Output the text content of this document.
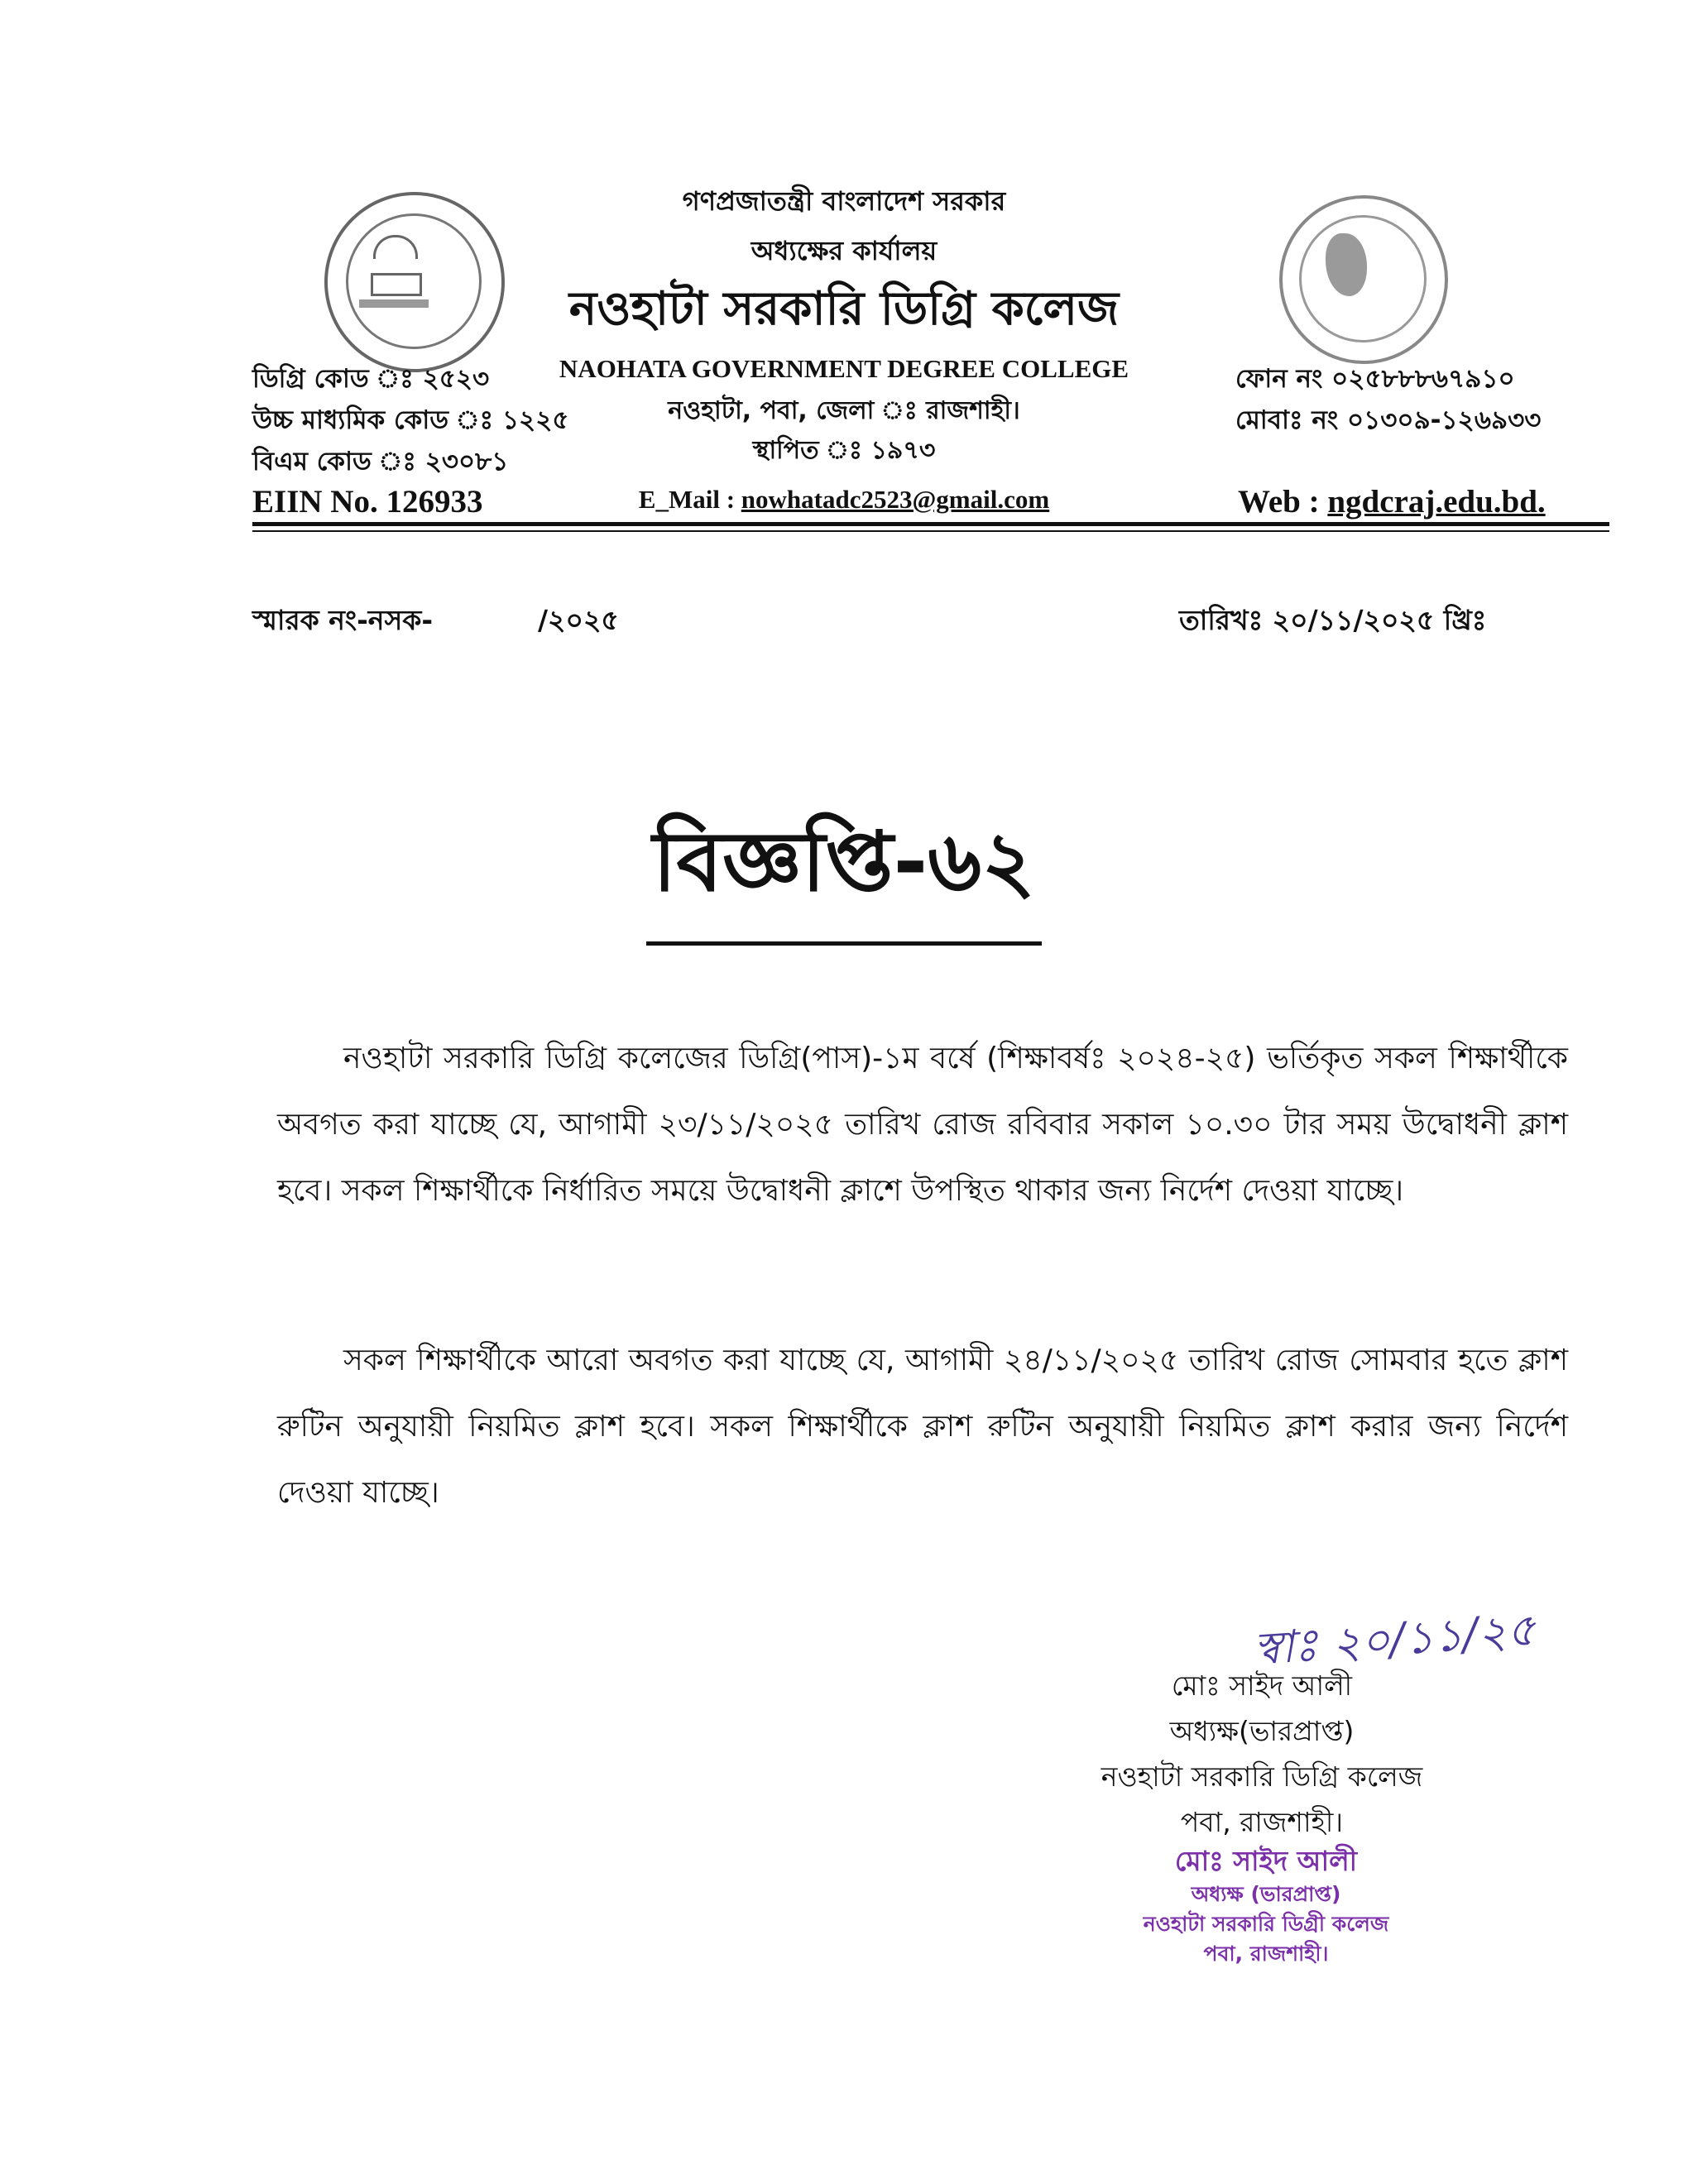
গণপ্রজাতন্ত্রী বাংলাদেশ সরকার
অধ্যক্ষের কার্যালয়
নওহাটা সরকারি ডিগ্রি কলেজ
NAOHATA GOVERNMENT DEGREE COLLEGE
নওহাটা, পবা, জেলা ঃ রাজশাহী।
স্থাপিত ঃ ১৯৭৩
E_Mail : nowhatadc2523@gmail.com
ডিগ্রি কোড ঃ ২৫২৩
উচ্চ মাধ্যমিক কোড ঃ ১২২৫
বিএম কোড ঃ ২৩০৮১
EIIN No. 126933
ফোন নং ০২৫৮৮৮৬৭৯১০
মোবাঃ নং ০১৩০৯-১২৬৯৩৩
Web : ngdcraj.edu.bd.
স্মারক নং-নসক-	/২০২৫	তারিখঃ ২০/১১/২০২৫ খ্রিঃ
বিজ্ঞপ্তি-৬২
নওহাটা সরকারি ডিগ্রি কলেজের ডিগ্রি(পাস)-১ম বর্ষে (শিক্ষাবর্ষঃ ২০২৪-২৫) ভর্তিকৃত সকল শিক্ষার্থীকে অবগত করা যাচ্ছে যে, আগামী ২৩/১১/২০২৫ তারিখ রোজ রবিবার সকাল ১০.৩০ টার সময় উদ্বোধনী ক্লাশ হবে। সকল শিক্ষার্থীকে নির্ধারিত সময়ে উদ্বোধনী ক্লাশে উপস্থিত থাকার জন্য নির্দেশ দেওয়া যাচ্ছে।
সকল শিক্ষার্থীকে আরো অবগত করা যাচ্ছে যে, আগামী ২৪/১১/২০২৫ তারিখ রোজ সোমবার হতে ক্লাশ রুটিন অনুযায়ী নিয়মিত ক্লাশ হবে। সকল শিক্ষার্থীকে ক্লাশ রুটিন অনুযায়ী নিয়মিত ক্লাশ করার জন্য নির্দেশ দেওয়া যাচ্ছে।
স্বাঃ ২০/১১/২৫
মোঃ সাইদ আলী
অধ্যক্ষ(ভারপ্রাপ্ত)
নওহাটা সরকারি ডিগ্রি কলেজ
পবা, রাজশাহী।
মোঃ সাইদ আলী
অধ্যক্ষ (ভারপ্রাপ্ত)
নওহাটা সরকারি ডিগ্রী কলেজ
পবা, রাজশাহী।
